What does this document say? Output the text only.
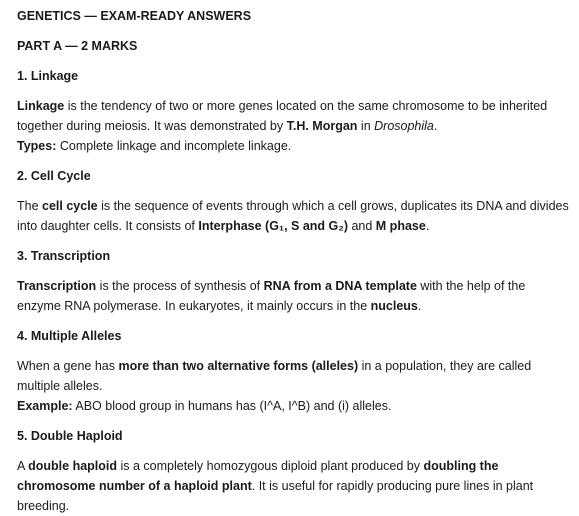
GENETICS — EXAM-READY ANSWERS

PART A — 2 MARKS

1. Linkage

Linkage is the tendency of two or more genes located on the same chromosome to be inherited together during meiosis. It was demonstrated by T.H. Morgan in Drosophila.

Types: Complete linkage and incomplete linkage.

2. Cell Cycle

The cell cycle is the sequence of events through which a cell grows, duplicates its DNA and divides into daughter cells. It consists of Interphase (G₁, S and G₂) and M phase.

3. Transcription

Transcription is the process of synthesis of RNA from a DNA template with the help of the enzyme RNA polymerase. In eukaryotes, it mainly occurs in the nucleus.

4. Multiple Alleles

When a gene has more than two alternative forms (alleles) in a population, they are called multiple alleles.

Example: ABO blood group in humans has (I^A, I^B) and (i) alleles.

5. Double Haploid

A double haploid is a completely homozygous diploid plant produced by doubling the chromosome number of a haploid plant. It is useful for rapidly producing pure lines in plant breeding.
